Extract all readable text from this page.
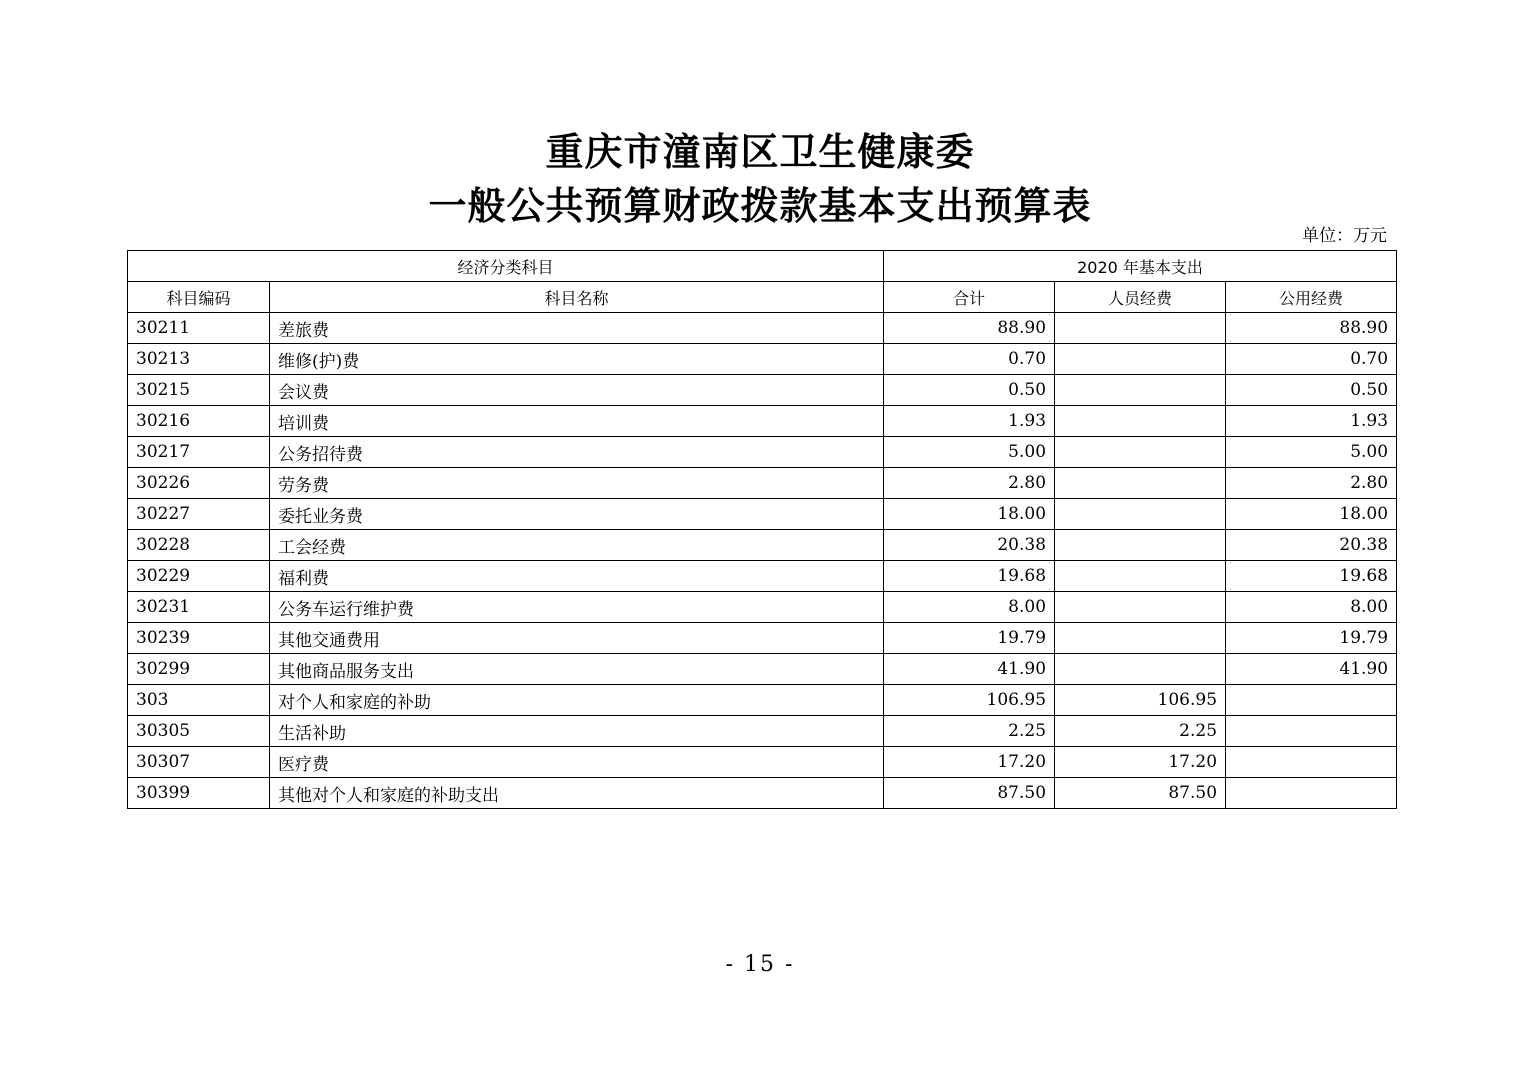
重庆市潼南区卫生健康委
一般公共预算财政拨款基本支出预算表
单位：万元
经济分类科目		2020 年基本支出		
科目编码	科目名称	合计	人员经费	公用经费
30211	差旅费	88.90		88.90
30213	维修(护)费	0.70		0.70
30215	会议费	0.50		0.50
30216	培训费	1.93		1.93
30217	公务招待费	5.00		5.00
30226	劳务费	2.80		2.80
30227	委托业务费	18.00		18.00
30228	工会经费	20.38		20.38
30229	福利费	19.68		19.68
30231	公务车运行维护费	8.00		8.00
30239	其他交通费用	19.79		19.79
30299	其他商品服务支出	41.90		41.90
303	对个人和家庭的补助	106.95	106.95	
30305	生活补助	2.25	2.25	
30307	医疗费	17.20	17.20	
30399	其他对个人和家庭的补助支出	87.50	87.50	
- 15 -
